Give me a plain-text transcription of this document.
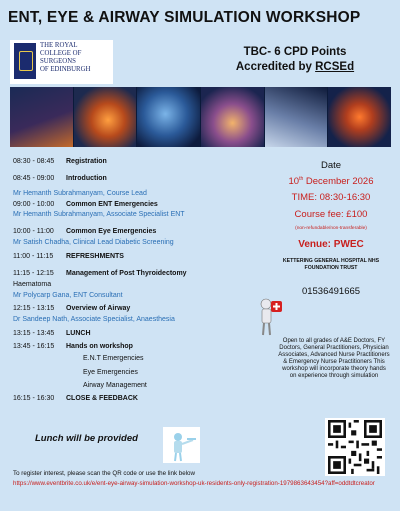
ENT, EYE & AIRWAY SIMULATION WORKSHOP
THE ROYAL
COLLEGE OF
SURGEONS
OF EDINBURGH
TBC- 6 CPD Points
Accredited by RCSEd
08:30 - 08:45 Registration
08:45 - 09:00 Introduction
Mr Hemanth Subrahmanyam, Course Lead
09:00 - 10:00 Common ENT Emergencies
Mr Hemanth Subrahmanyam, Associate Specialist ENT
10:00 - 11:00 Common Eye Emergencies
Mr Satish Chadha, Clinical Lead Diabetic Screening
11:00 - 11:15 REFRESHMENTS
11:15 - 12:15 Management of Post Thyroidectomy
Haematoma
Mr Polycarp Gana, ENT Consultant
12:15 - 13:15 Overview of Airway
Dr Sandeep Nath, Associate Specialist, Anaesthesia
13:15 - 13:45 LUNCH
13:45 - 16:15 Hands on workshop
E.N.T Emergencies
Eye Emergencies
Airway Management
16:15 - 16:30 CLOSE & FEEDBACK
Date
10th December 2026
TIME: 08:30-16:30
Course fee: £100
(non-refundable/non-transferable)
Venue: PWEC
KETTERING GENERAL HOSPITAL NHS
FOUNDATION TRUST
01536491665
Open to all grades of A&E Doctors, FY Doctors, General Practitioners, Physician Associates, Advanced Nurse Practitioners & Emergency Nurse Practitioners This workshop will incorporate theory hands on experience through simulation
Lunch will be provided
To register interest, please scan the QR code or use the link below
https://www.eventbrite.co.uk/e/ent-eye-airway-simulation-workshop-uk-residents-only-registration-1979863643454?aff=oddtdtcreator
